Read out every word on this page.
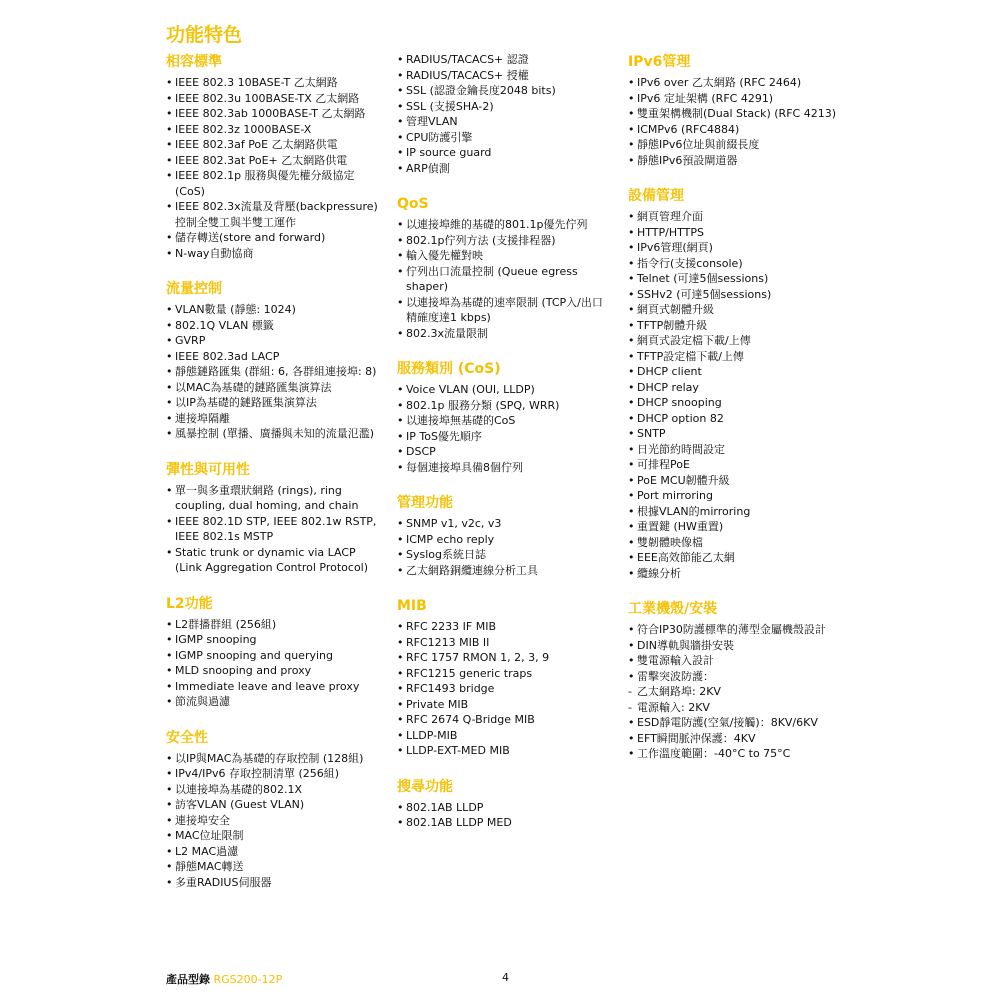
功能特色
相容標準
• IEEE 802.3 10BASE-T 乙太網路
• IEEE 802.3u 100BASE-TX 乙太網路
• IEEE 802.3ab 1000BASE-T 乙太網路
• IEEE 802.3z 1000BASE-X
• IEEE 802.3af PoE 乙太網路供電
• IEEE 802.3at PoE+ 乙太網路供電
• IEEE 802.1p 服務與優先權分級協定
(CoS)
• IEEE 802.3x流量及背壓(backpressure)
控制全雙工與半雙工運作
• 儲存轉送(store and forward)
• N-way自動協商
流量控制
• VLAN數量 (靜態: 1024)
• 802.1Q VLAN 標籤
• GVRP
• IEEE 802.3ad LACP
• 靜態鏈路匯集 (群組: 6, 各群組連接埠: 8)
• 以MAC為基礎的鏈路匯集演算法
• 以IP為基礎的鏈路匯集演算法
• 連接埠隔離
• 風暴控制 (單播、廣播與未知的流量氾濫)
彈性與可用性
• 單一與多重環狀網路 (rings), ring
coupling, dual homing, and chain
• IEEE 802.1D STP, IEEE 802.1w RSTP,
IEEE 802.1s MSTP
• Static trunk or dynamic via LACP
(Link Aggregation Control Protocol)
L2功能
• L2群播群組 (256組)
• IGMP snooping
• IGMP snooping and querying
• MLD snooping and proxy
• Immediate leave and leave proxy
• 節流與過濾
安全性
• 以IP與MAC為基礎的存取控制 (128組)
• IPv4/IPv6 存取控制清單 (256組)
• 以連接埠為基礎的802.1X
• 訪客VLAN (Guest VLAN)
• 連接埠安全
• MAC位址限制
• L2 MAC過濾
• 靜態MAC轉送
• 多重RADIUS伺服器
• RADIUS/TACACS+ 認證
• RADIUS/TACACS+ 授權
• SSL (認證金鑰長度2048 bits)
• SSL (支援SHA-2)
• 管理VLAN
• CPU防護引擎
• IP source guard
• ARP偵測
QoS
• 以連接埠維的基礎的801.1p優先佇列
• 802.1p佇列方法 (支援排程器)
• 輸入優先權對映
• 佇列出口流量控制 (Queue egress
shaper)
• 以連接埠為基礎的速率限制 (TCP入/出口
精確度達1 kbps)
• 802.3x流量限制
服務類別 (CoS)
• Voice VLAN (OUI, LLDP)
• 802.1p 服務分類 (SPQ, WRR)
• 以連接埠無基礎的CoS
• IP ToS優先順序
• DSCP
• 每個連接埠具備8個佇列
管理功能
• SNMP v1, v2c, v3
• ICMP echo reply
• Syslog系統日誌
• 乙太網路銅纜連線分析工具
MIB
• RFC 2233 IF MIB
• RFC1213 MIB II
• RFC 1757 RMON 1, 2, 3, 9
• RFC1215 generic traps
• RFC1493 bridge
• Private MIB
• RFC 2674 Q-Bridge MIB
• LLDP-MIB
• LLDP-EXT-MED MIB
搜尋功能
• 802.1AB LLDP
• 802.1AB LLDP MED
IPv6管理
• IPv6 over 乙太網路 (RFC 2464)
• IPv6 定址架構 (RFC 4291)
• 雙重架構機制(Dual Stack) (RFC 4213)
• ICMPv6 (RFC4884)
• 靜態IPv6位址與前綴長度
• 靜態IPv6預設閘道器
設備管理
• 網頁管理介面
• HTTP/HTTPS
• IPv6管理(網頁)
• 指令行(支援console)
• Telnet (可達5個sessions)
• SSHv2 (可達5個sessions)
• 網頁式韌體升級
• TFTP韌體升級
• 網頁式設定檔下載/上傳
• TFTP設定檔下載/上傳
• DHCP client
• DHCP relay
• DHCP snooping
• DHCP option 82
• SNTP
• 日光節約時間設定
• 可排程PoE
• PoE MCU韌體升級
• Port mirroring
• 根據VLAN的mirroring
• 重置鍵 (HW重置)
• 雙韌體映像檔
• EEE高效節能乙太網
• 纜線分析
工業機殼/安裝
• 符合IP30防護標準的薄型金屬機殼設計
• DIN導軌與牆掛安裝
• 雙電源輸入設計
• 雷擊突波防護：
- 乙太網路埠: 2KV
- 電源輸入: 2KV
• ESD靜電防護(空氣/接觸)：8KV/6KV
• EFT瞬間脈沖保護：4KV
• 工作溫度範圍：-40°C to 75°C
產品型錄 RGS200-12P	4
